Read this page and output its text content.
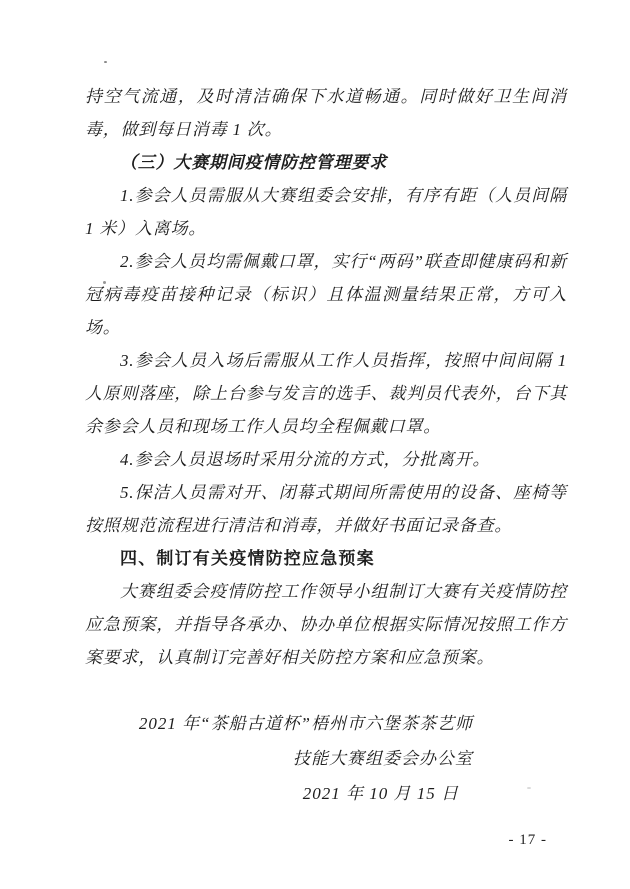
持空气流通，及时清洁确保下水道畅通。同时做好卫生间消毒，做到每日消毒 1 次。

（三）大赛期间疫情防控管理要求

1.参会人员需服从大赛组委会安排，有序有距（人员间隔 1 米）入离场。

2.参会人员均需佩戴口罩，实行“两码”联查即健康码和新冠病毒疫苗接种记录（标识）且体温测量结果正常，方可入场。

3.参会人员入场后需服从工作人员指挥，按照中间间隔 1 人原则落座，除上台参与发言的选手、裁判员代表外，台下其余参会人员和现场工作人员均全程佩戴口罩。

4.参会人员退场时采用分流的方式，分批离开。

5.保洁人员需对开、闭幕式期间所需使用的设备、座椅等按照规范流程进行清洁和消毒，并做好书面记录备查。

四、制订有关疫情防控应急预案

大赛组委会疫情防控工作领导小组制订大赛有关疫情防控应急预案，并指导各承办、协办单位根据实际情况按照工作方案要求，认真制订完善好相关防控方案和应急预案。

2021 年“茶船古道杯”梧州市六堡茶茶艺师
技能大赛组委会办公室
2021 年 10 月 15 日
- 17 -
